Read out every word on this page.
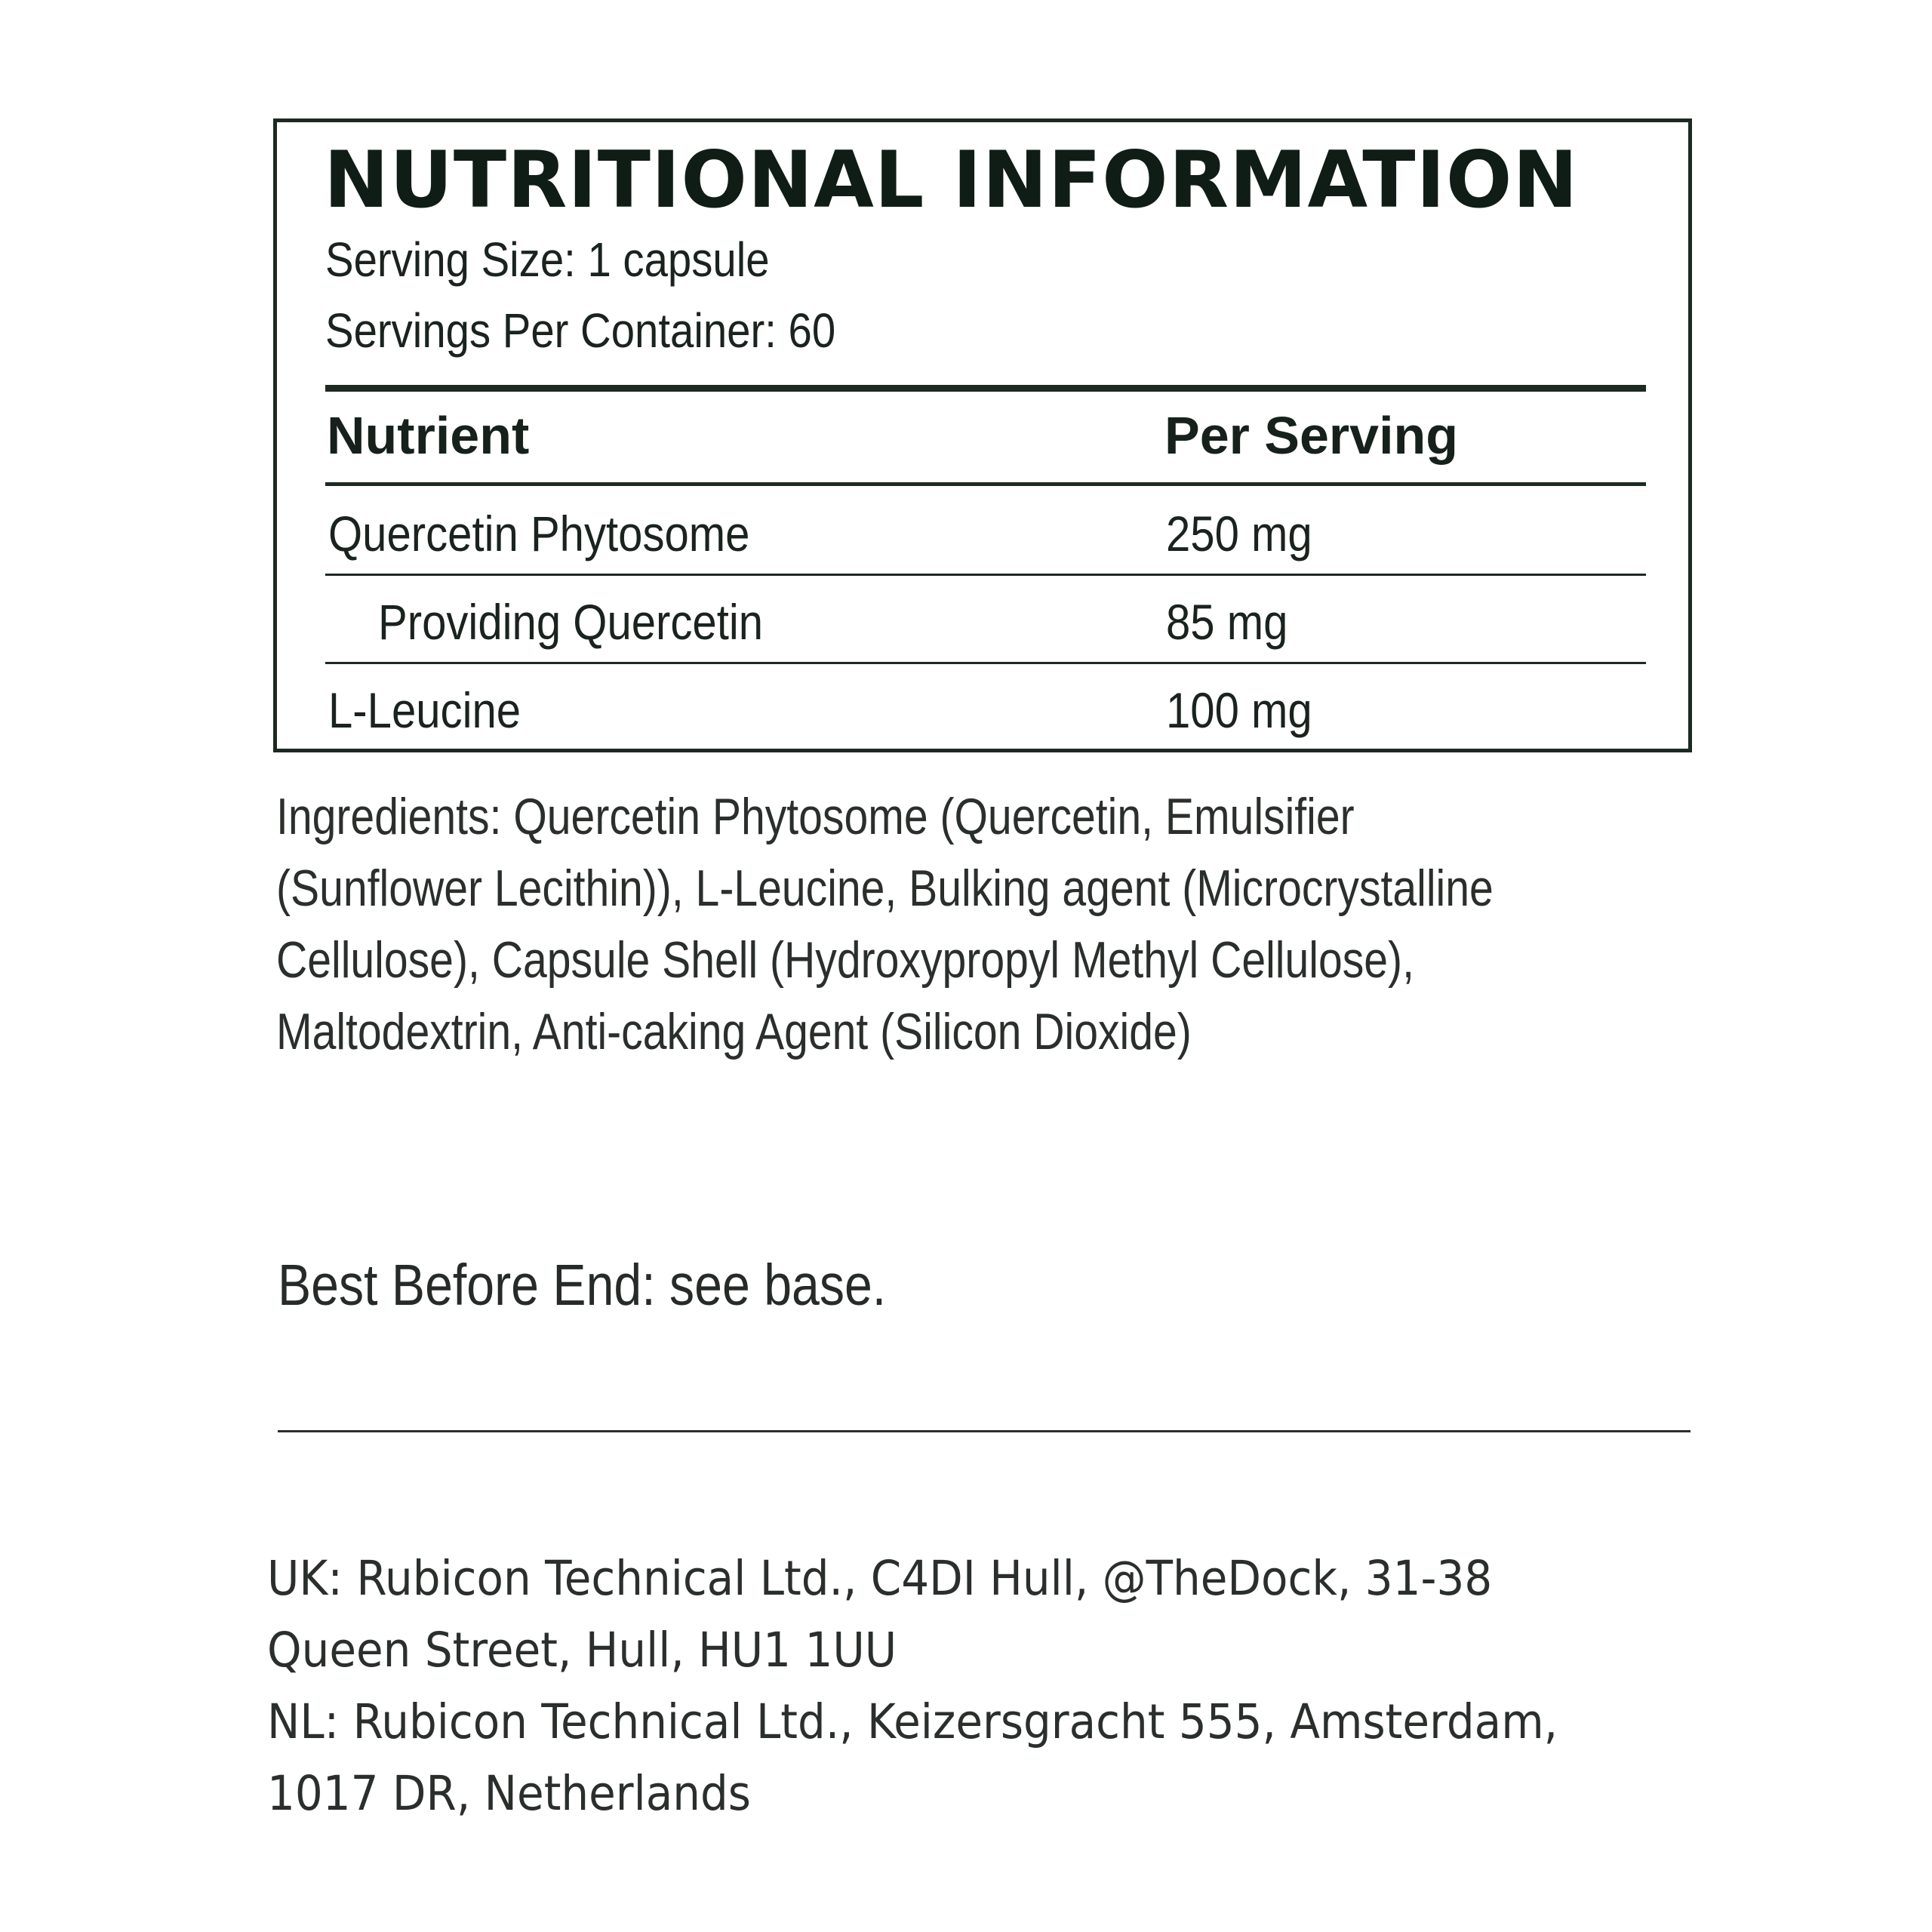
NUTRITIONAL INFORMATION
Serving Size: 1 capsule
Servings Per Container: 60
Nutrient	Per Serving
Quercetin Phytosome	250 mg
Providing Quercetin	85 mg
L-Leucine	100 mg

Ingredients: Quercetin Phytosome (Quercetin, Emulsifier
(Sunflower Lecithin)), L-Leucine, Bulking agent (Microcrystalline
Cellulose), Capsule Shell (Hydroxypropyl Methyl Cellulose),
Maltodextrin, Anti-caking Agent (Silicon Dioxide)

Best Before End: see base.

UK: Rubicon Technical Ltd., C4DI Hull, @TheDock, 31-38
Queen Street, Hull, HU1 1UU
NL: Rubicon Technical Ltd., Keizersgracht 555, Amsterdam,
1017 DR, Netherlands
